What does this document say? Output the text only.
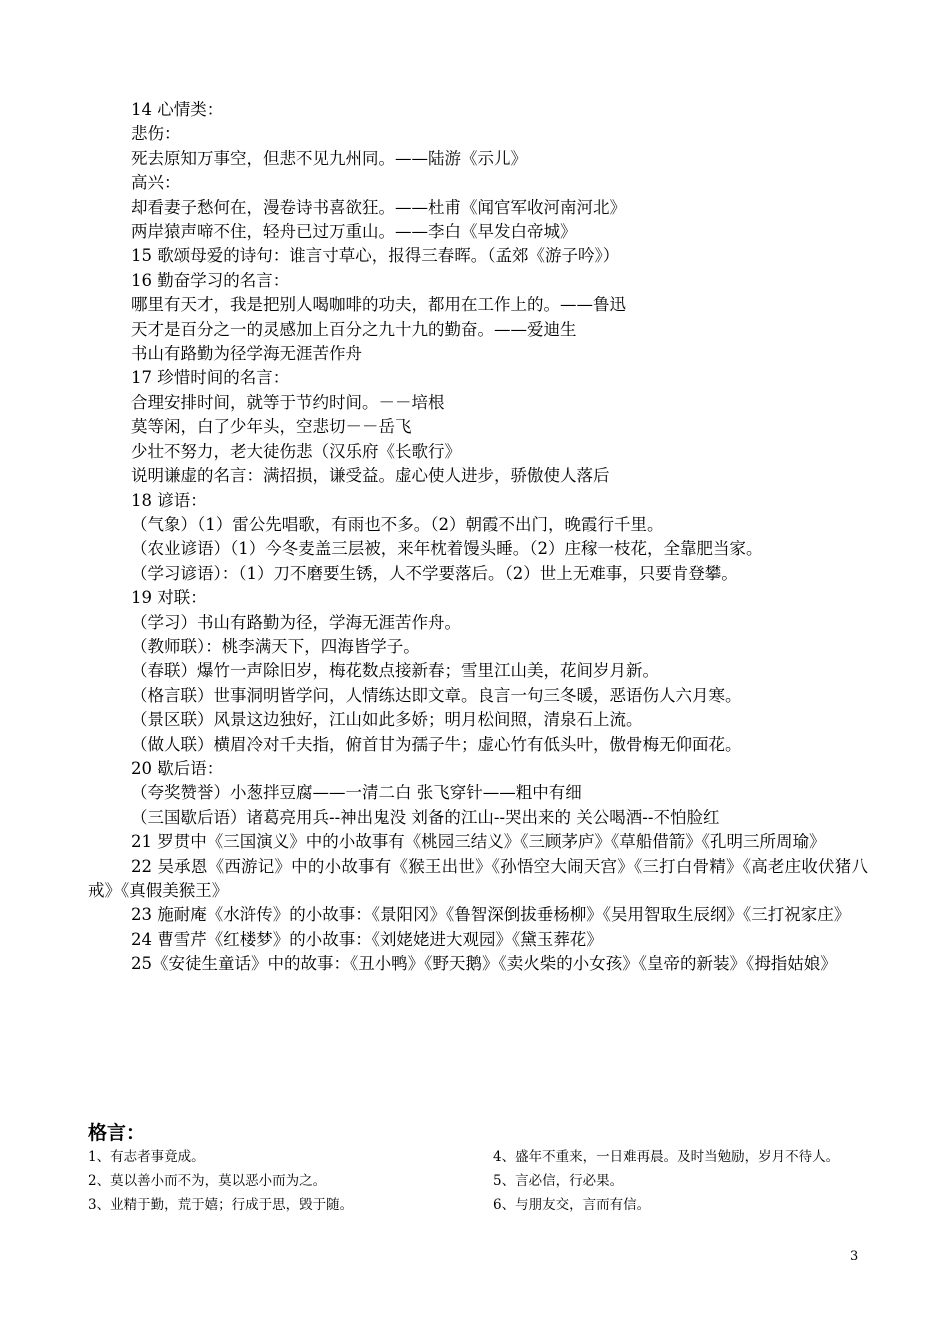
14 心情类：
悲伤：
死去原知万事空，但悲不见九州同。——陆游《示儿》
高兴：
却看妻子愁何在，漫卷诗书喜欲狂。——杜甫《闻官军收河南河北》
两岸猿声啼不住，轻舟已过万重山。——李白《早发白帝城》
15 歌颂母爱的诗句：谁言寸草心，报得三春晖。（孟郊《游子吟》）
16 勤奋学习的名言：
哪里有天才，我是把别人喝咖啡的功夫，都用在工作上的。——鲁迅
天才是百分之一的灵感加上百分之九十九的勤奋。——爱迪生
书山有路勤为径学海无涯苦作舟
17 珍惜时间的名言：
合理安排时间，就等于节约时间。－－培根
莫等闲，白了少年头，空悲切－－岳飞
少壮不努力，老大徒伤悲（汉乐府《长歌行》
说明谦虚的名言：满招损，谦受益。虚心使人进步，骄傲使人落后
18 谚语：
（气象）（1）雷公先唱歌，有雨也不多。（2）朝霞不出门，晚霞行千里。
（农业谚语）（1）今冬麦盖三层被，来年枕着馒头睡。（2）庄稼一枝花，全靠肥当家。
（学习谚语）：（1）刀不磨要生锈，人不学要落后。（2）世上无难事，只要肯登攀。
19 对联：
（学习）书山有路勤为径，学海无涯苦作舟。
（教师联）：桃李满天下，四海皆学子。
（春联）爆竹一声除旧岁，梅花数点接新春；雪里江山美，花间岁月新。
（格言联）世事洞明皆学问，人情练达即文章。良言一句三冬暖，恶语伤人六月寒。
（景区联）风景这边独好，江山如此多娇；明月松间照，清泉石上流。
（做人联）横眉冷对千夫指，俯首甘为孺子牛；虚心竹有低头叶，傲骨梅无仰面花。
20 歇后语：
（夸奖赞誉）小葱拌豆腐——一清二白 张飞穿针——粗中有细
（三国歇后语）诸葛亮用兵--神出鬼没 刘备的江山--哭出来的 关公喝酒--不怕脸红
21 罗贯中《三国演义》中的小故事有《桃园三结义》《三顾茅庐》《草船借箭》《孔明三所周瑜》
22 吴承恩《西游记》中的小故事有《猴王出世》《孙悟空大闹天宫》《三打白骨精》《高老庄收伏猪八戒》《真假美猴王》
23 施耐庵《水浒传》的小故事：《景阳冈》《鲁智深倒拔垂杨柳》《吴用智取生辰纲》《三打祝家庄》
24 曹雪芹《红楼梦》的小故事：《刘姥姥进大观园》《黛玉葬花》
25《安徒生童话》中的故事：《丑小鸭》《野天鹅》《卖火柴的小女孩》《皇帝的新装》《拇指姑娘》
格言：
1、有志者事竟成。
2、莫以善小而不为，莫以恶小而为之。
3、业精于勤，荒于嬉；行成于思，毁于随。
4、盛年不重来，一日难再晨。及时当勉励，岁月不待人。
5、言必信，行必果。
6、与朋友交，言而有信。
3
